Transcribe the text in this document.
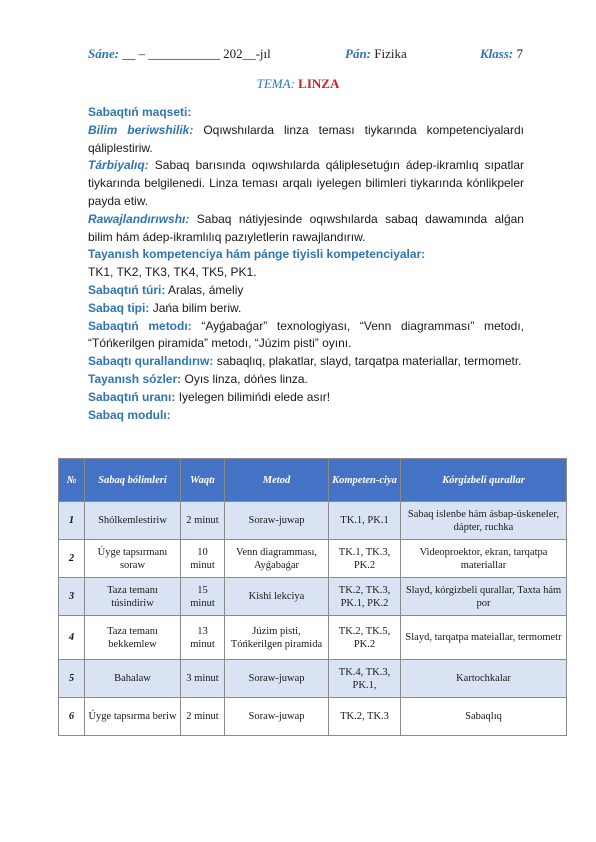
Sáne: __ – ___________ 202__-jıl	Pán: Fizika	Klass: 7
TEMA: LINZA

Sabaqtıń maqseti:

Bilim beriwshilik: Oqıwshılarda linza teması tiykarında kompetenciyalardı qáliplestiriw.

Tárbiyalıq: Sabaq barısında oqıwshılarda qáliplesetuǵın ádep-ikramlıq sıpatlar tiykarında belgilenedi. Linza teması arqalı iyelegen bilimleri tiykarında kónlikpeler payda etiw.

Rawajlandırıwshı: Sabaq nátiyjesinde oqıwshılarda sabaq dawamında alǵan bilim hám ádep-ikramlılıq pazıyletlerin rawajlandırıw.

Tayanısh kompetenciya hám pánge tiyisli kompetenciyalar:

TK1, TK2, TK3, TK4, TK5, PK1.

Sabaqtıń túri: Aralas, ámeliy

Sabaq tipi: Jańa bilim beriw.

Sabaqtıń metodı: “Ayǵabaǵar” texnologiyası, “Venn diagramması” metodı, “Tóńkerilgen piramida” metodı, “Júzim pisti” oyını.

Sabaqtı qurallandırıw: sabaqlıq, plakatlar, slayd, tarqatpa materiallar, termometr.

Tayanısh sózler: Oyıs linza, dóńes linza.

Sabaqtıń uranı: Iyelegen bilimińdi elede asır!

Sabaq modulı:

№	Sabaq bólimleri	Waqtı	Metod	Kompeten-ciya	Kórgizbeli qurallar
1	Shólkemlestiriw	2 minut	Soraw-juwap	TK.1, PK.1	Sabaq islenbe hám ásbap-úskeneler, dápter, ruchka
2	Úyge tapsırmanı soraw	10 minut	Venn diagramması, Ayǵabaǵar	TK.1, TK.3, PK.2	Videoproektor, ekran, tarqatpa materiallar
3	Taza temanı túsindiriw	15 minut	Kishi lekciya	TK.2, TK.3, PK.1, PK.2	Slayd, kórgizbeli qurallar, Taxta hám por
4	Taza temanı bekkemlew	13 minut	Júzim pisti, Tóńkerilgen piramida	TK.2, TK.5, PK.2	Slayd, tarqatpa mateiallar, termometr
5	Bahalaw	3 minut	Soraw-juwap	TK.4, TK.3, PK.1,	Kartochkalar
6	Úyge tapsırma beriw	2 minut	Soraw-juwap	TK.2, TK.3	Sabaqlıq
